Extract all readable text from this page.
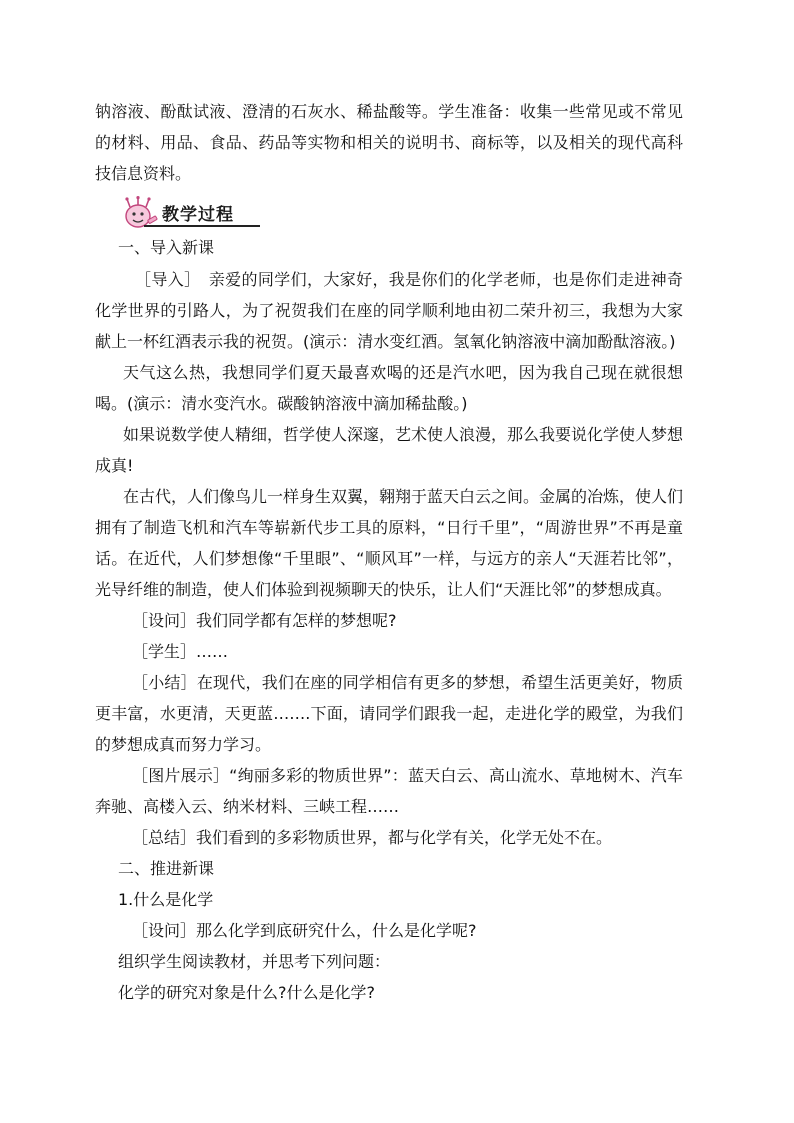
钠溶液、酚酞试液、澄清的石灰水、稀盐酸等。学生准备：收集一些常见或不常见的材料、用品、食品、药品等实物和相关的说明书、商标等，以及相关的现代高科技信息资料。

教学过程

一、导入新课

［导入］　亲爱的同学们，大家好，我是你们的化学老师，也是你们走进神奇化学世界的引路人，为了祝贺我们在座的同学顺利地由初二荣升初三，我想为大家献上一杯红酒表示我的祝贺。(演示：清水变红酒。氢氧化钠溶液中滴加酚酞溶液。)

天气这么热，我想同学们夏天最喜欢喝的还是汽水吧，因为我自己现在就很想喝。(演示：清水变汽水。碳酸钠溶液中滴加稀盐酸。)

如果说数学使人精细，哲学使人深邃，艺术使人浪漫，那么我要说化学使人梦想成真!

在古代，人们像鸟儿一样身生双翼，翱翔于蓝天白云之间。金属的冶炼，使人们拥有了制造飞机和汽车等崭新代步工具的原料，“日行千里”，“周游世界”不再是童话。在近代，人们梦想像“千里眼”、“顺风耳”一样，与远方的亲人“天涯若比邻”，光导纤维的制造，使人们体验到视频聊天的快乐，让人们“天涯比邻”的梦想成真。

［设问］我们同学都有怎样的梦想呢?

［学生］……

［小结］在现代，我们在座的同学相信有更多的梦想，希望生活更美好，物质更丰富，水更清，天更蓝…….下面，请同学们跟我一起，走进化学的殿堂，为我们的梦想成真而努力学习。

［图片展示］“绚丽多彩的物质世界”：蓝天白云、高山流水、草地树木、汽车奔驰、高楼入云、纳米材料、三峡工程……

［总结］我们看到的多彩物质世界，都与化学有关，化学无处不在。

二、推进新课

1.什么是化学

［设问］那么化学到底研究什么，什么是化学呢?

组织学生阅读教材，并思考下列问题：

化学的研究对象是什么?什么是化学?
